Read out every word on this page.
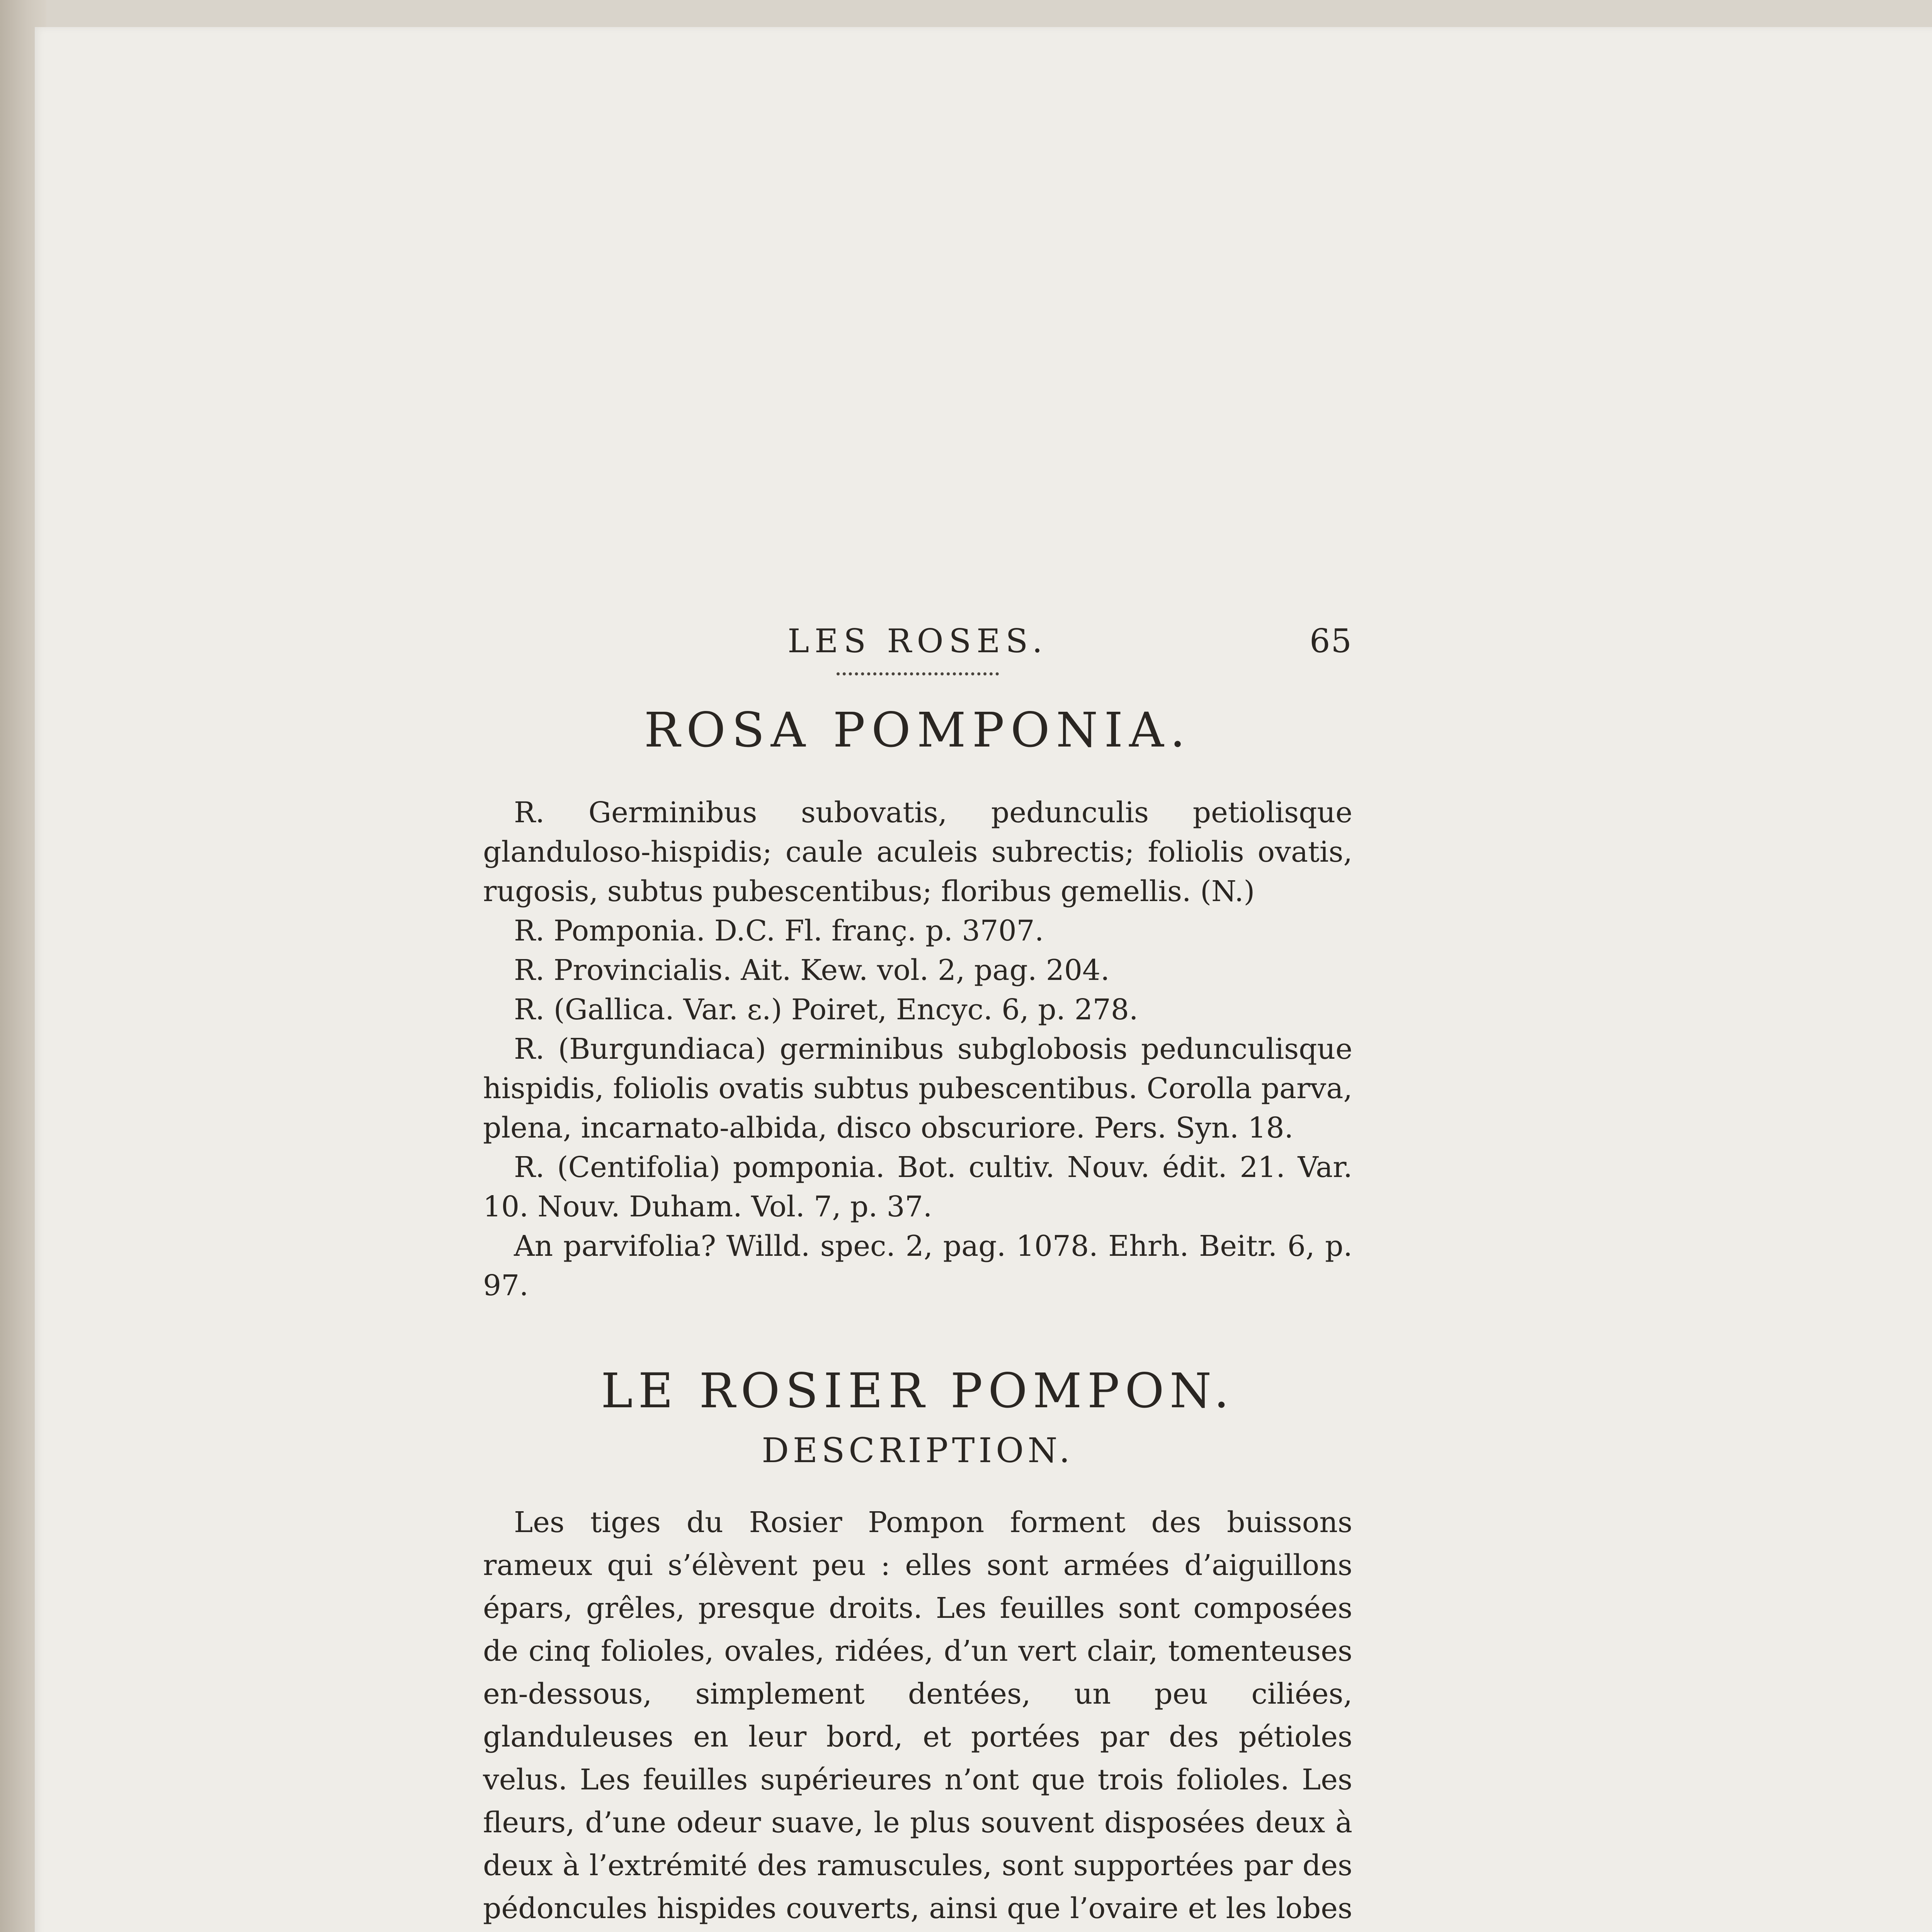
LES ROSES.	65
ROSA POMPONIA.

R. Germinibus subovatis, pedunculis petiolisque glanduloso-hispidis; caule aculeis subrectis; foliolis ovatis, rugosis, subtus pubescentibus; floribus gemellis. (N.)

R. Pomponia. D.C. Fl. franç. p. 3707.

R. Provincialis. Ait. Kew. vol. 2, pag. 204.

R. (Gallica. Var. ε.) Poiret, Encyc. 6, p. 278.

R. (Burgundiaca) germinibus subglobosis pedunculisque hispidis, foliolis ovatis subtus pubescentibus. Corolla parva, plena, incarnato-albida, disco obscuriore. Pers. Syn. 18.

R. (Centifolia) pomponia. Bot. cultiv. Nouv. édit. 21. Var. 10. Nouv. Duham. Vol. 7, p. 37.

An parvifolia? Willd. spec. 2, pag. 1078. Ehrh. Beitr. 6, p. 97.

LE ROSIER POMPON.
DESCRIPTION.

Les tiges du Rosier Pompon forment des buissons rameux qui s’élèvent peu : elles sont armées d’aiguillons épars, grêles, presque droits. Les feuilles sont composées de cinq folioles, ovales, ridées, d’un vert clair, tomenteuses en-dessous, simplement dentées, un peu ciliées, glanduleuses en leur bord, et portées par des pétioles velus. Les feuilles supérieures n’ont que trois folioles. Les fleurs, d’une odeur suave, le plus souvent disposées deux à deux à l’extrémité des ramuscules, sont supportées par des pédoncules hispides couverts, ainsi que l’ovaire et les lobes
